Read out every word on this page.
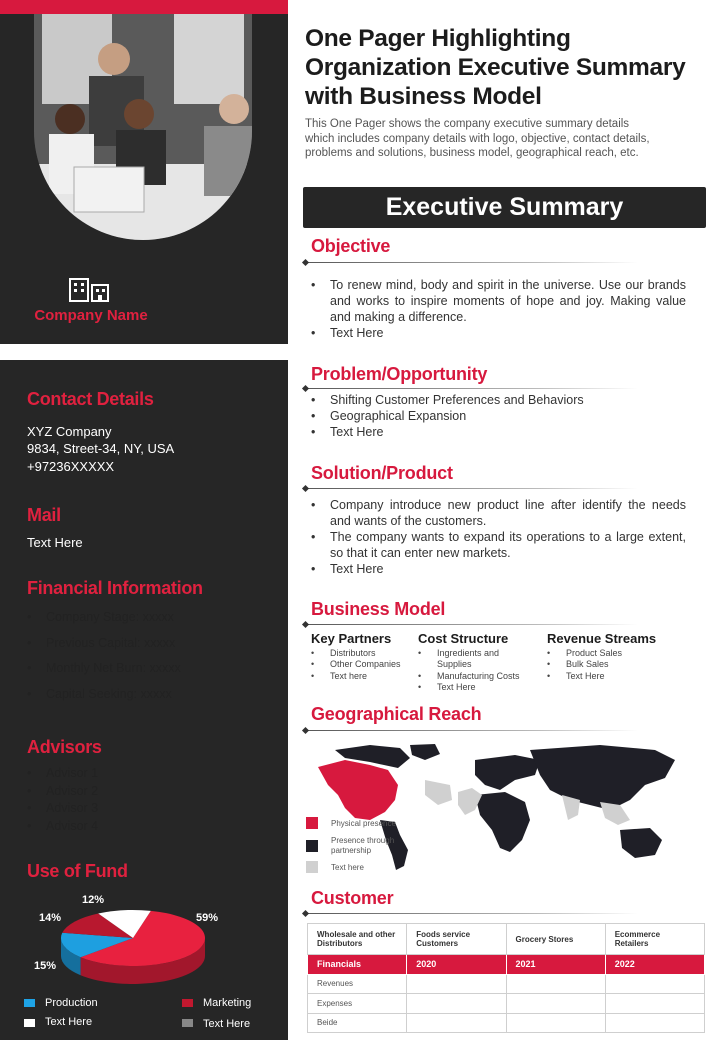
Company Name
Contact Details
XYZ Company
9834, Street-34, NY, USA
+97236XXXXX
Mail
Text Here
Financial Information
• Company Stage: xxxxx
• Previous Capital: xxxxx
• Monthly Net Burn: xxxxx
• Capital Seeking: xxxxx
Advisors
• Advisor 1
• Advisor 2
• Advisor 3
• Advisor 4
Use of Fund
59%
15%
14%
12%
Production	Marketing
Text Here	Text Here
One Pager Highlighting Organization Executive Summary with Business Model
This One Pager shows the company executive summary details which includes company details with logo, objective, contact details, problems and solutions, business model, geographical reach, etc.
Executive Summary
Objective
• To renew mind, body and spirit in the universe. Use our brands and works to inspire moments of hope and joy. Making value and making a difference.
• Text Here
Problem/Opportunity
• Shifting Customer Preferences and Behaviors
• Geographical Expansion
• Text Here
Solution/Product
• Company introduce new product line after identify the needs and wants of the customers.
• The company wants to expand its operations to a large extent, so that it can enter new markets.
• Text Here
Business Model
Key Partners
• Distributors
• Other Companies
• Text here
Cost Structure
• Ingredients and Supplies
• Manufacturing Costs
• Text Here
Revenue Streams
• Product Sales
• Bulk Sales
• Text Here
Geographical Reach
Physical presence
Presence through partnership
Text here
Customer
Wholesale and other Distributors	Foods service Customers	Grocery Stores	Ecommerce Retailers
Financials	2020	2021	2022
Revenues			
Expenses			
Beide			
